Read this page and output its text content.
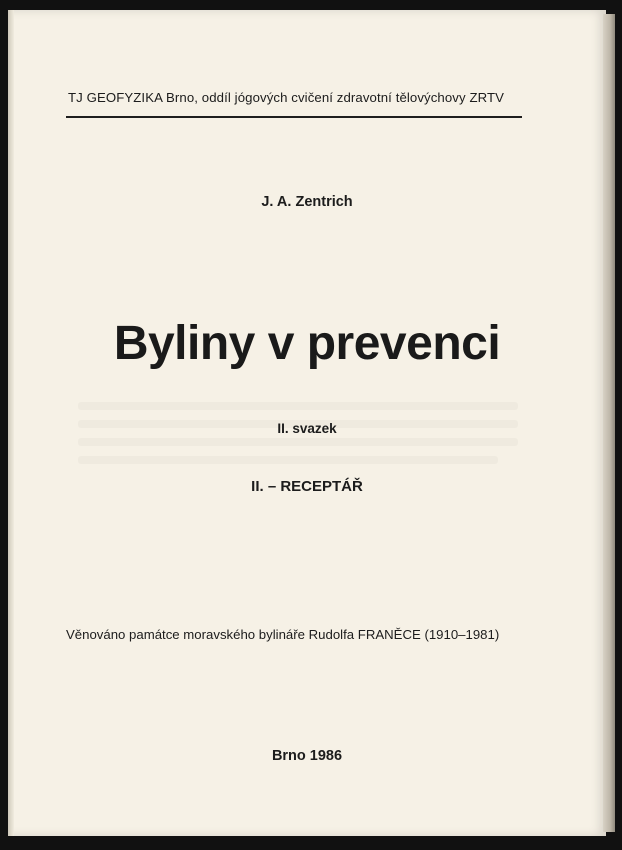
TJ GEOFYZIKA Brno, oddíl jógových cvičení zdravotní tělovýchovy ZRTV
J. A. Zentrich
Byliny v prevenci
II. svazek
II. – RECEPTÁŘ
Věnováno památce moravského bylináře Rudolfa FRANĚCE (1910–1981)
Brno 1986
